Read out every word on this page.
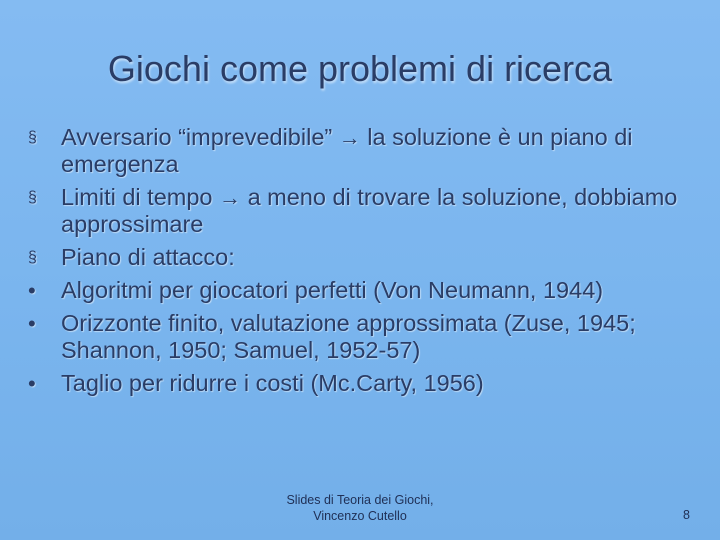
Giochi come problemi di ricerca
§	Avversario “imprevedibile” → la soluzione è un piano di emergenza
§	Limiti di tempo → a meno di trovare la soluzione, dobbiamo approssimare
§	Piano di attacco:
•	Algoritmi per giocatori perfetti (Von Neumann, 1944)
•	Orizzonte finito, valutazione approssimata (Zuse, 1945; Shannon, 1950; Samuel, 1952-57)
•	Taglio per ridurre i costi (Mc.Carty, 1956)
Slides di Teoria dei Giochi,
Vincenzo Cutello	8
